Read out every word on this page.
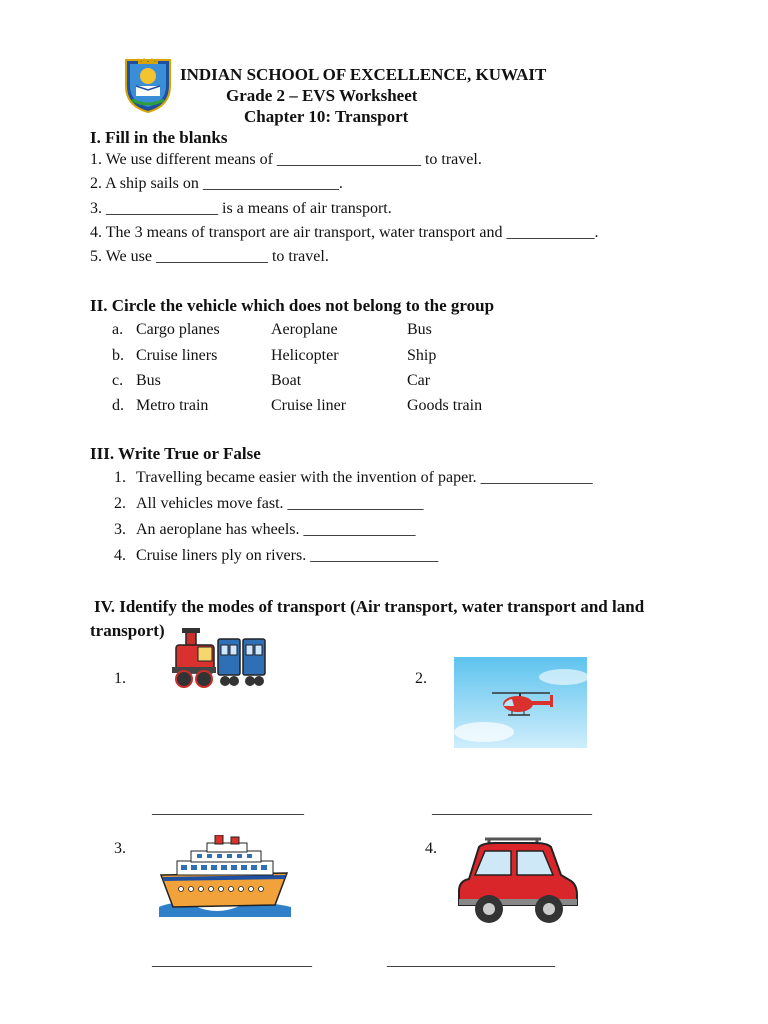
INDIAN SCHOOL OF EXCELLENCE, KUWAIT
Grade 2 – EVS Worksheet
Chapter 10: Transport
I. Fill in the blanks
1. We use different means of __________________ to travel.
2. A ship sails on _________________.
3. ______________ is a means of air transport.
4. The 3 means of transport are air transport, water transport and ___________.
5. We use ______________ to travel.
II. Circle the vehicle which does not belong to the group
a. Cargo planes	Aeroplane	Bus
b. Cruise liners	Helicopter	Ship
c. Bus	Boat	Car
d. Metro train	Cruise liner	Goods train
III. Write True or False
1. Travelling became easier with the invention of paper. ______________
2. All vehicles move fast. _________________
3. An aeroplane has wheels. ______________
4. Cruise liners ply on rivers. ________________
IV. Identify the modes of transport (Air transport, water transport and land
transport)
1.	2.
3.	4.
___________________	____________________
____________________	_____________________
